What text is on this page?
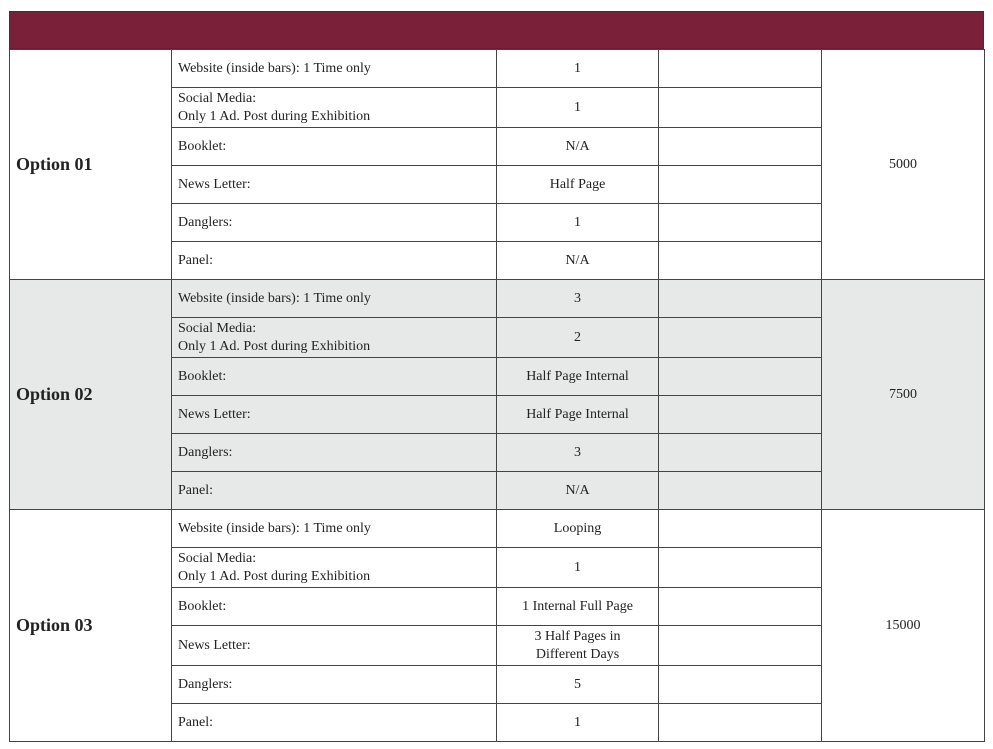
Option 01	Website (inside bars): 1 Time only	1		5000

	Social Media:
Only 1 Ad. Post during Exhibition	1		

	Booklet:	N/A		

	News Letter:	Half Page		

	Danglers:	1		

	Panel:	N/A		

Option 02	Website (inside bars): 1 Time only	3		7500

	Social Media:
Only 1 Ad. Post during Exhibition	2		

	Booklet:	Half Page Internal		

	News Letter:	Half Page Internal		

	Danglers:	3		

	Panel:	N/A		

Option 03	Website (inside bars): 1 Time only	Looping		15000

	Social Media:
Only 1 Ad. Post during Exhibition	1		

	Booklet:	1 Internal Full Page		

	News Letter:	3 Half Pages in
Different Days		

	Danglers:	5		

	Panel:	1		
